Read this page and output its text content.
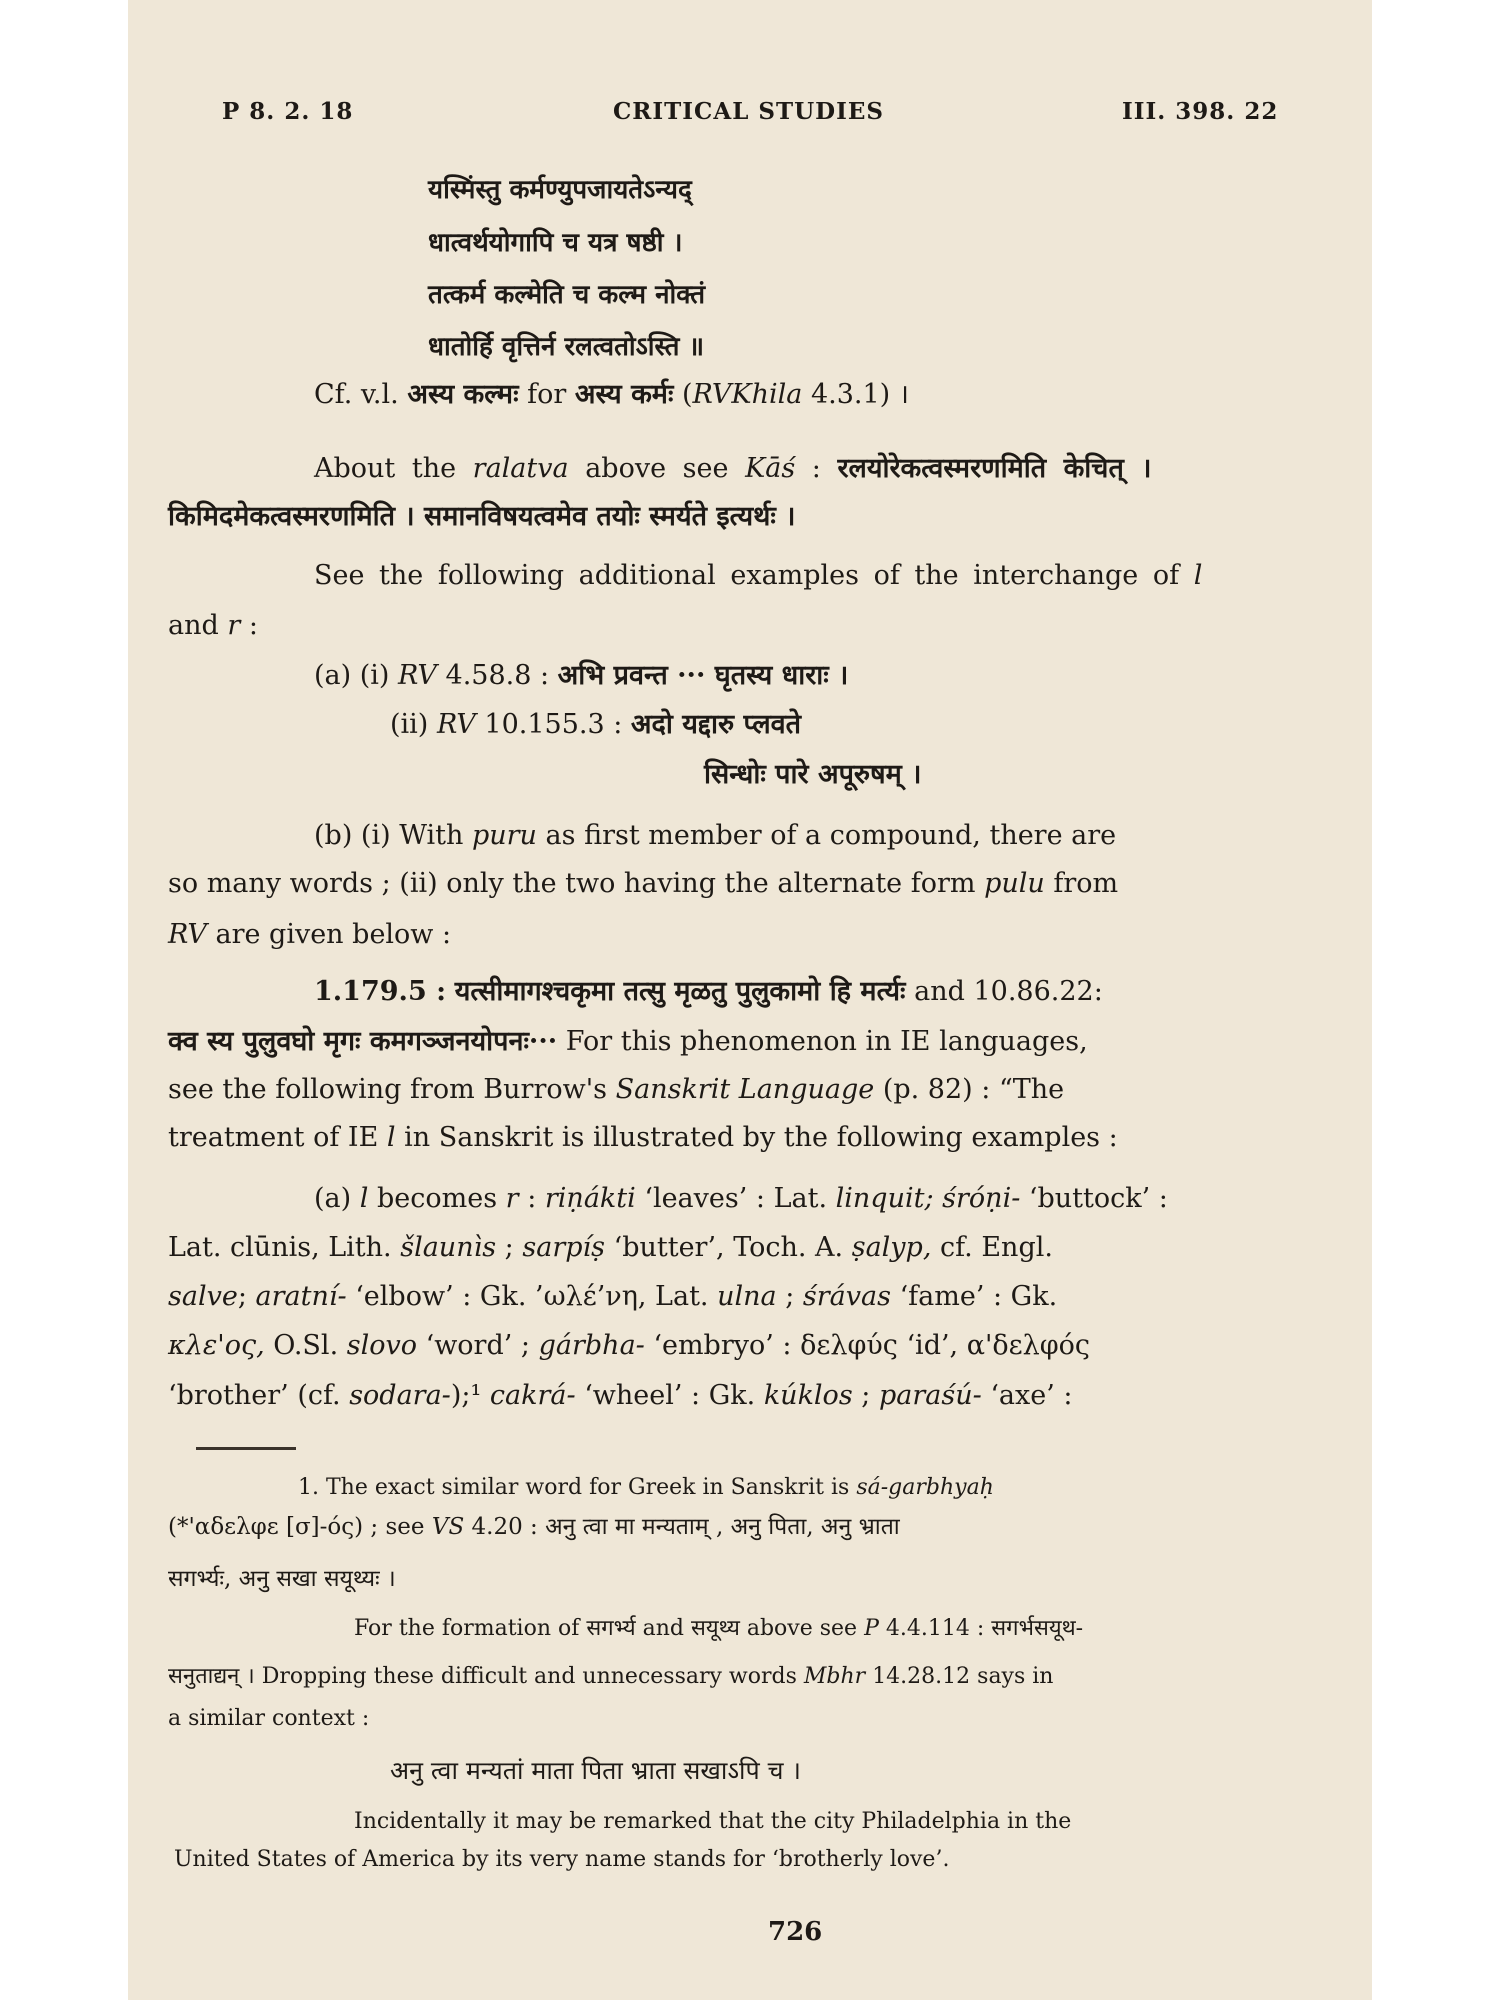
P 8. 2. 18	CRITICAL STUDIES	III. 398. 22
यस्मिंस्तु कर्मण्युपजायतेऽन्यद्
धात्वर्थयोगापि च यत्र षष्ठी ।
तत्कर्म कल्मेति च कल्म नोक्तं
धातोर्हि वृत्तिर्न रलत्वतोऽस्ति ॥
Cf. v.l. अस्य कल्मः for अस्य कर्मः (RVKhila 4.3.1) ।
About the ralatva above see Kāś : रलयोरेकत्वस्मरणमिति केचित् ।
किमिदमेकत्वस्मरणमिति । समानविषयत्वमेव तयोः स्मर्यते इत्यर्थः ।
See the following additional examples of the interchange of l
and r :
(a) (i) RV 4.58.8 : अभि प्रवन्त ··· घृतस्य धाराः ।
(ii) RV 10.155.3 : अदो यद्दारु प्लवते
सिन्धोः पारे अपूरुषम् ।
(b) (i) With puru as first member of a compound, there are
so many words ; (ii) only the two having the alternate form pulu from
RV are given below :
1.179.5 : यत्सीमागश्चकृमा तत्सु मृळतु पुलुकामो हि मर्त्यः and 10.86.22:
क्व स्य पुलुवघो मृगः कमगञ्जनयोपनः··· For this phenomenon in IE languages,
see the following from Burrow's Sanskrit Language (p. 82) : “The
treatment of IE l in Sanskrit is illustrated by the following examples :
(a) l becomes r : riṇákti ‘leaves’ : Lat. linquit; śróṇi- ‘buttock’ :
Lat. clūnis, Lith. šlaunìs ; sarpíṣ ‘butter’, Toch. A. ṣalyp, cf. Engl.
salve; aratní- ‘elbow’ : Gk. ’ωλέ’νη, Lat. ulna ; śrávas ‘fame’ : Gk.
κλε'ος, O.Sl. slovo ‘word’ ; gárbha- ‘embryo’ : δελφύς ‘id’, α'δελφός
‘brother’ (cf. sodara-);¹ cakrá- ‘wheel’ : Gk. kúklos ; paraśú- ‘axe’ :
1. The exact similar word for Greek in Sanskrit is sá-garbhyaḥ
(*'αδελφε [σ]-ός) ; see VS 4.20 : अनु त्वा मा मन्यताम् , अनु पिता, अनु भ्राता
सगर्भ्यः, अनु सखा सयूथ्यः ।
For the formation of सगर्भ्य and सयूथ्य above see P 4.4.114 : सगर्भसयूथ-
सनुताद्यन् । Dropping these difficult and unnecessary words Mbhr 14.28.12 says in
a similar context :
अनु त्वा मन्यतां माता पिता भ्राता सखाऽपि च ।
Incidentally it may be remarked that the city Philadelphia in the
United States of America by its very name stands for ‘brotherly love’.
726
